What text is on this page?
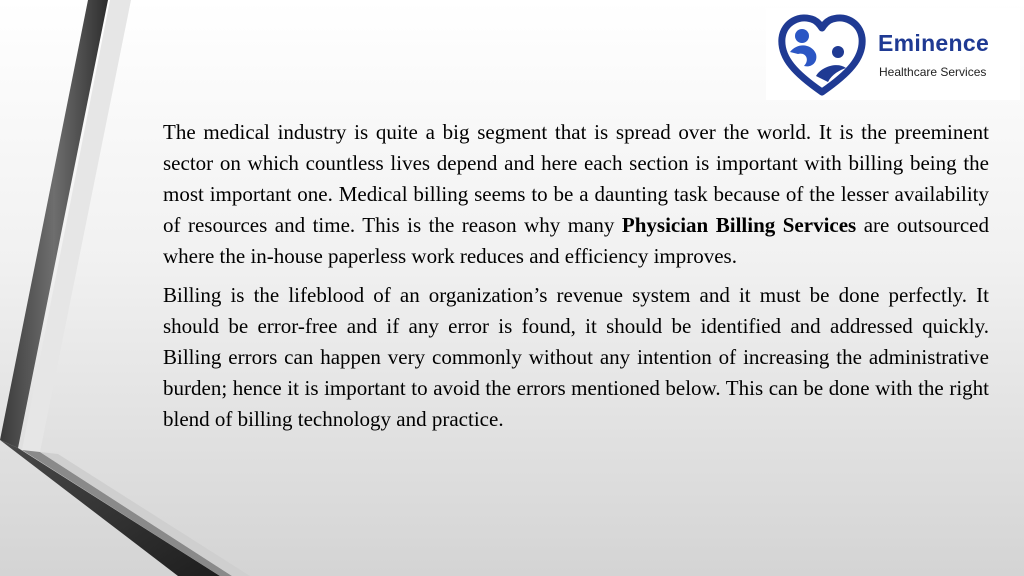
Eminence
Healthcare Services

The medical industry is quite a big segment that is spread over the world. It is the preeminent sector on which countless lives depend and here each section is important with billing being the most important one. Medical billing seems to be a daunting task because of the lesser availability of resources and time. This is the reason why many Physician Billing Services are outsourced where the in-house paperless work reduces and efficiency improves.

Billing is the lifeblood of an organization’s revenue system and it must be done perfectly. It should be error-free and if any error is found, it should be identified and addressed quickly. Billing errors can happen very commonly without any intention of increasing the administrative burden; hence it is important to avoid the errors mentioned below. This can be done with the right blend of billing technology and practice.
